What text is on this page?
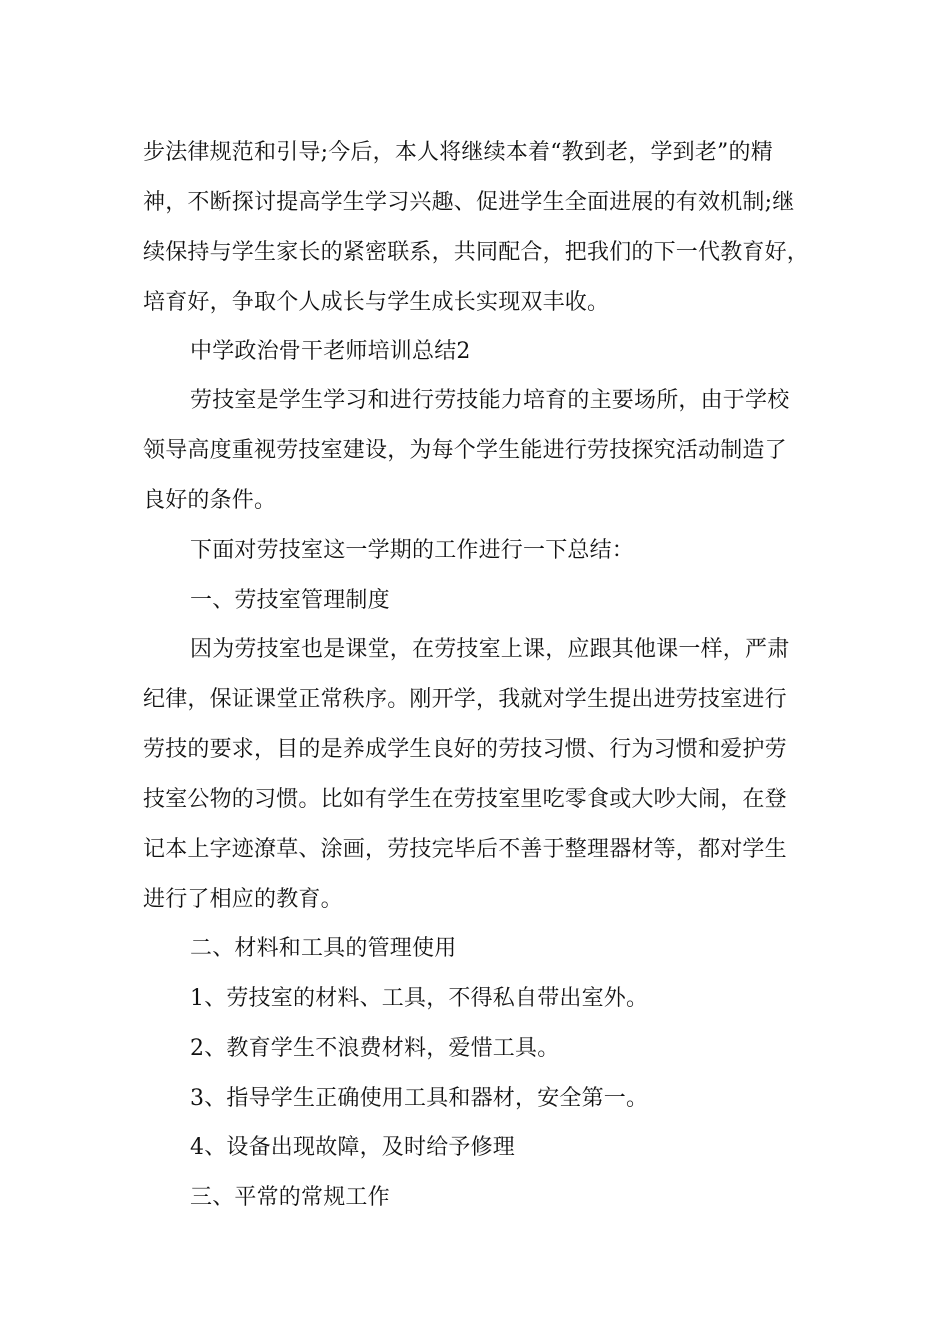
步法律规范和引导;今后，本人将继续本着“教到老，学到老”的精
神，不断探讨提高学生学习兴趣、促进学生全面进展的有效机制;继
续保持与学生家长的紧密联系，共同配合，把我们的下一代教育好，
培育好，争取个人成长与学生成长实现双丰收。
中学政治骨干老师培训总结2
劳技室是学生学习和进行劳技能力培育的主要场所，由于学校
领导高度重视劳技室建设，为每个学生能进行劳技探究活动制造了
良好的条件。
下面对劳技室这一学期的工作进行一下总结：
一、劳技室管理制度
因为劳技室也是课堂，在劳技室上课，应跟其他课一样，严肃
纪律，保证课堂正常秩序。刚开学，我就对学生提出进劳技室进行
劳技的要求，目的是养成学生良好的劳技习惯、行为习惯和爱护劳
技室公物的习惯。比如有学生在劳技室里吃零食或大吵大闹，在登
记本上字迹潦草、涂画，劳技完毕后不善于整理器材等，都对学生
进行了相应的教育。
二、材料和工具的管理使用
1、劳技室的材料、工具，不得私自带出室外。
2、教育学生不浪费材料，爱惜工具。
3、指导学生正确使用工具和器材，安全第一。
4、设备出现故障，及时给予修理
三、平常的常规工作
